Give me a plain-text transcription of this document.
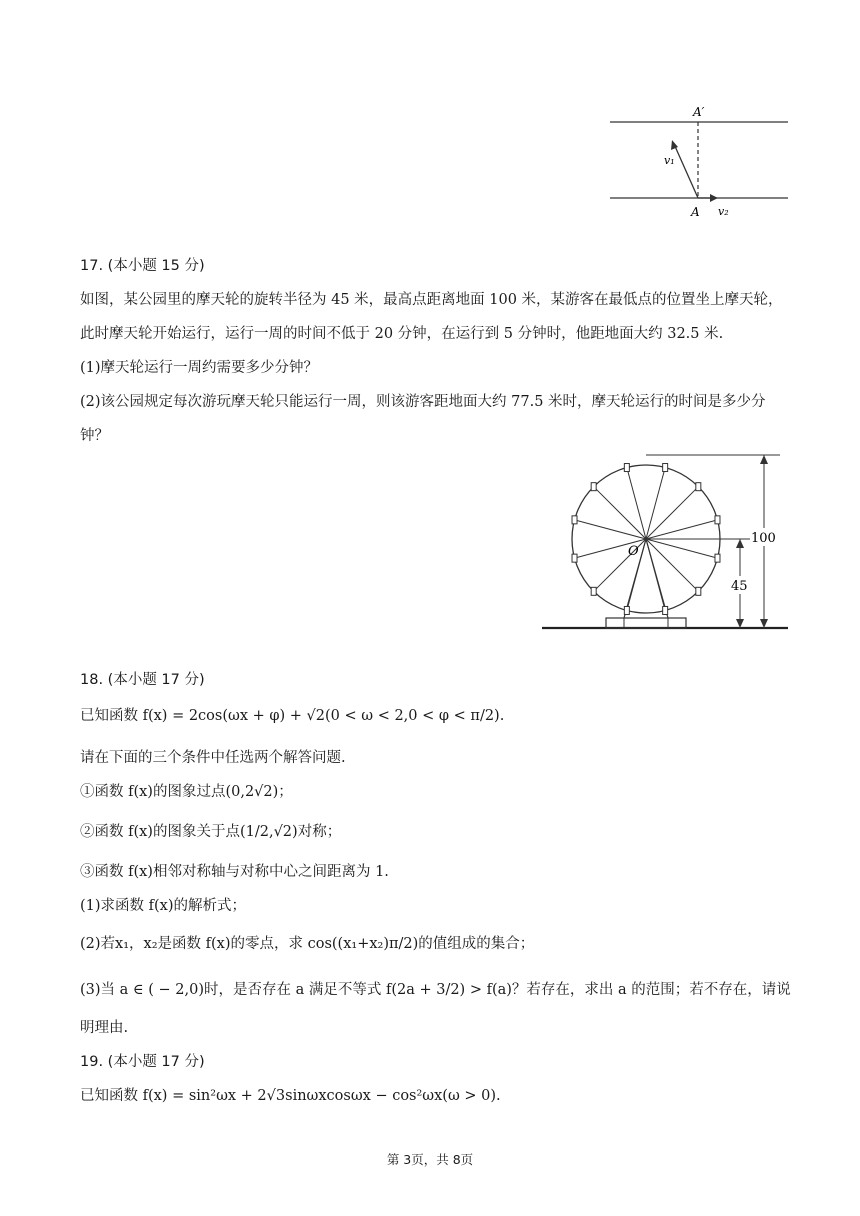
A′
A
v₁
v₂
17. (本小题 15 分)
如图，某公园里的摩天轮的旋转半径为 45 米，最高点距离地面 100 米，某游客在最低点的位置坐上摩天轮，
此时摩天轮开始运行，运行一周的时间不低于 20 分钟，在运行到 5 分钟时，他距地面大约 32.5 米.
(1)摩天轮运行一周约需要多少分钟？
(2)该公园规定每次游玩摩天轮只能运行一周，则该游客距地面大约 77.5 米时，摩天轮运行的时间是多少分
钟？
O
100
45
18. (本小题 17 分)
已知函数 f(x) = 2cos(ωx + φ) + √2(0 < ω < 2,0 < φ < π/2).
请在下面的三个条件中任选两个解答问题.
①函数 f(x)的图象过点(0,2√2)；
②函数 f(x)的图象关于点(1/2,√2)对称；
③函数 f(x)相邻对称轴与对称中心之间距离为 1.
(1)求函数 f(x)的解析式；
(2)若x₁，x₂是函数 f(x)的零点，求 cos((x₁+x₂)π/2)的值组成的集合；
(3)当 a ∈ ( − 2,0)时，是否存在 a 满足不等式 f(2a + 3/2) > f(a)？若存在，求出 a 的范围；若不存在，请说
明理由.
19. (本小题 17 分)
已知函数 f(x) = sin²ωx + 2√3sinωxcosωx − cos²ωx(ω > 0).
第 3页，共 8页
